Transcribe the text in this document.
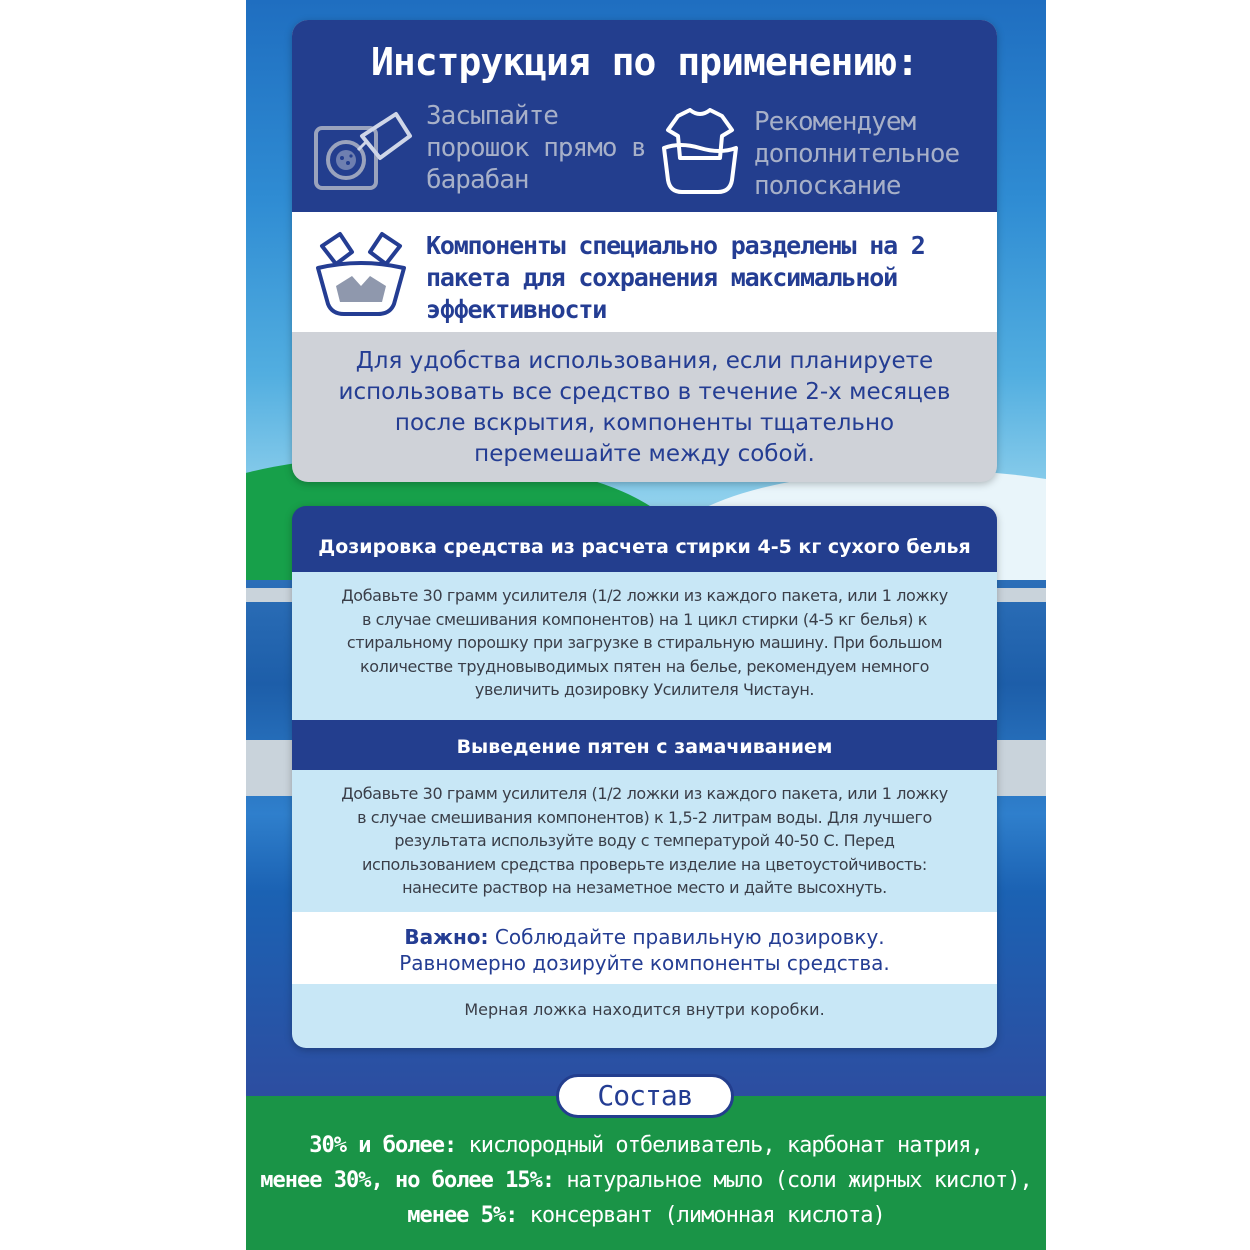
Инструкция по применению:
Засыпайте порошок прямо в барабан
Рекомендуем дополнительное полоскание
Компоненты специально разделены на 2 пакета для сохранения максимальной эффективности
Для удобства использования, если планируете использовать все средство в течение 2-х месяцев после вскрытия, компоненты тщательно перемешайте между собой.
Дозировка средства из расчета стирки 4-5 кг сухого белья
Добавьте 30 грамм усилителя (1/2 ложки из каждого пакета, или 1 ложку в случае смешивания компонентов) на 1 цикл стирки (4-5 кг белья) к стиральному порошку при загрузке в стиральную машину. При большом количестве трудновыводимых пятен на белье, рекомендуем немного увеличить дозировку Усилителя Чистаун.
Выведение пятен с замачиванием
Добавьте 30 грамм усилителя (1/2 ложки из каждого пакета, или 1 ложку в случае смешивания компонентов) к 1,5-2 литрам воды. Для лучшего результата используйте воду с температурой 40-50 С. Перед использованием средства проверьте изделие на цветоустойчивость: нанесите раствор на незаметное место и дайте высохнуть.
Важно: Соблюдайте правильную дозировку.
Равномерно дозируйте компоненты средства.
Мерная ложка находится внутри коробки.
Состав
30% и более: кислородный отбеливатель, карбонат натрия,
менее 30%, но более 15%: натуральное мыло (соли жирных кислот),
менее 5%: консервант (лимонная кислота)
